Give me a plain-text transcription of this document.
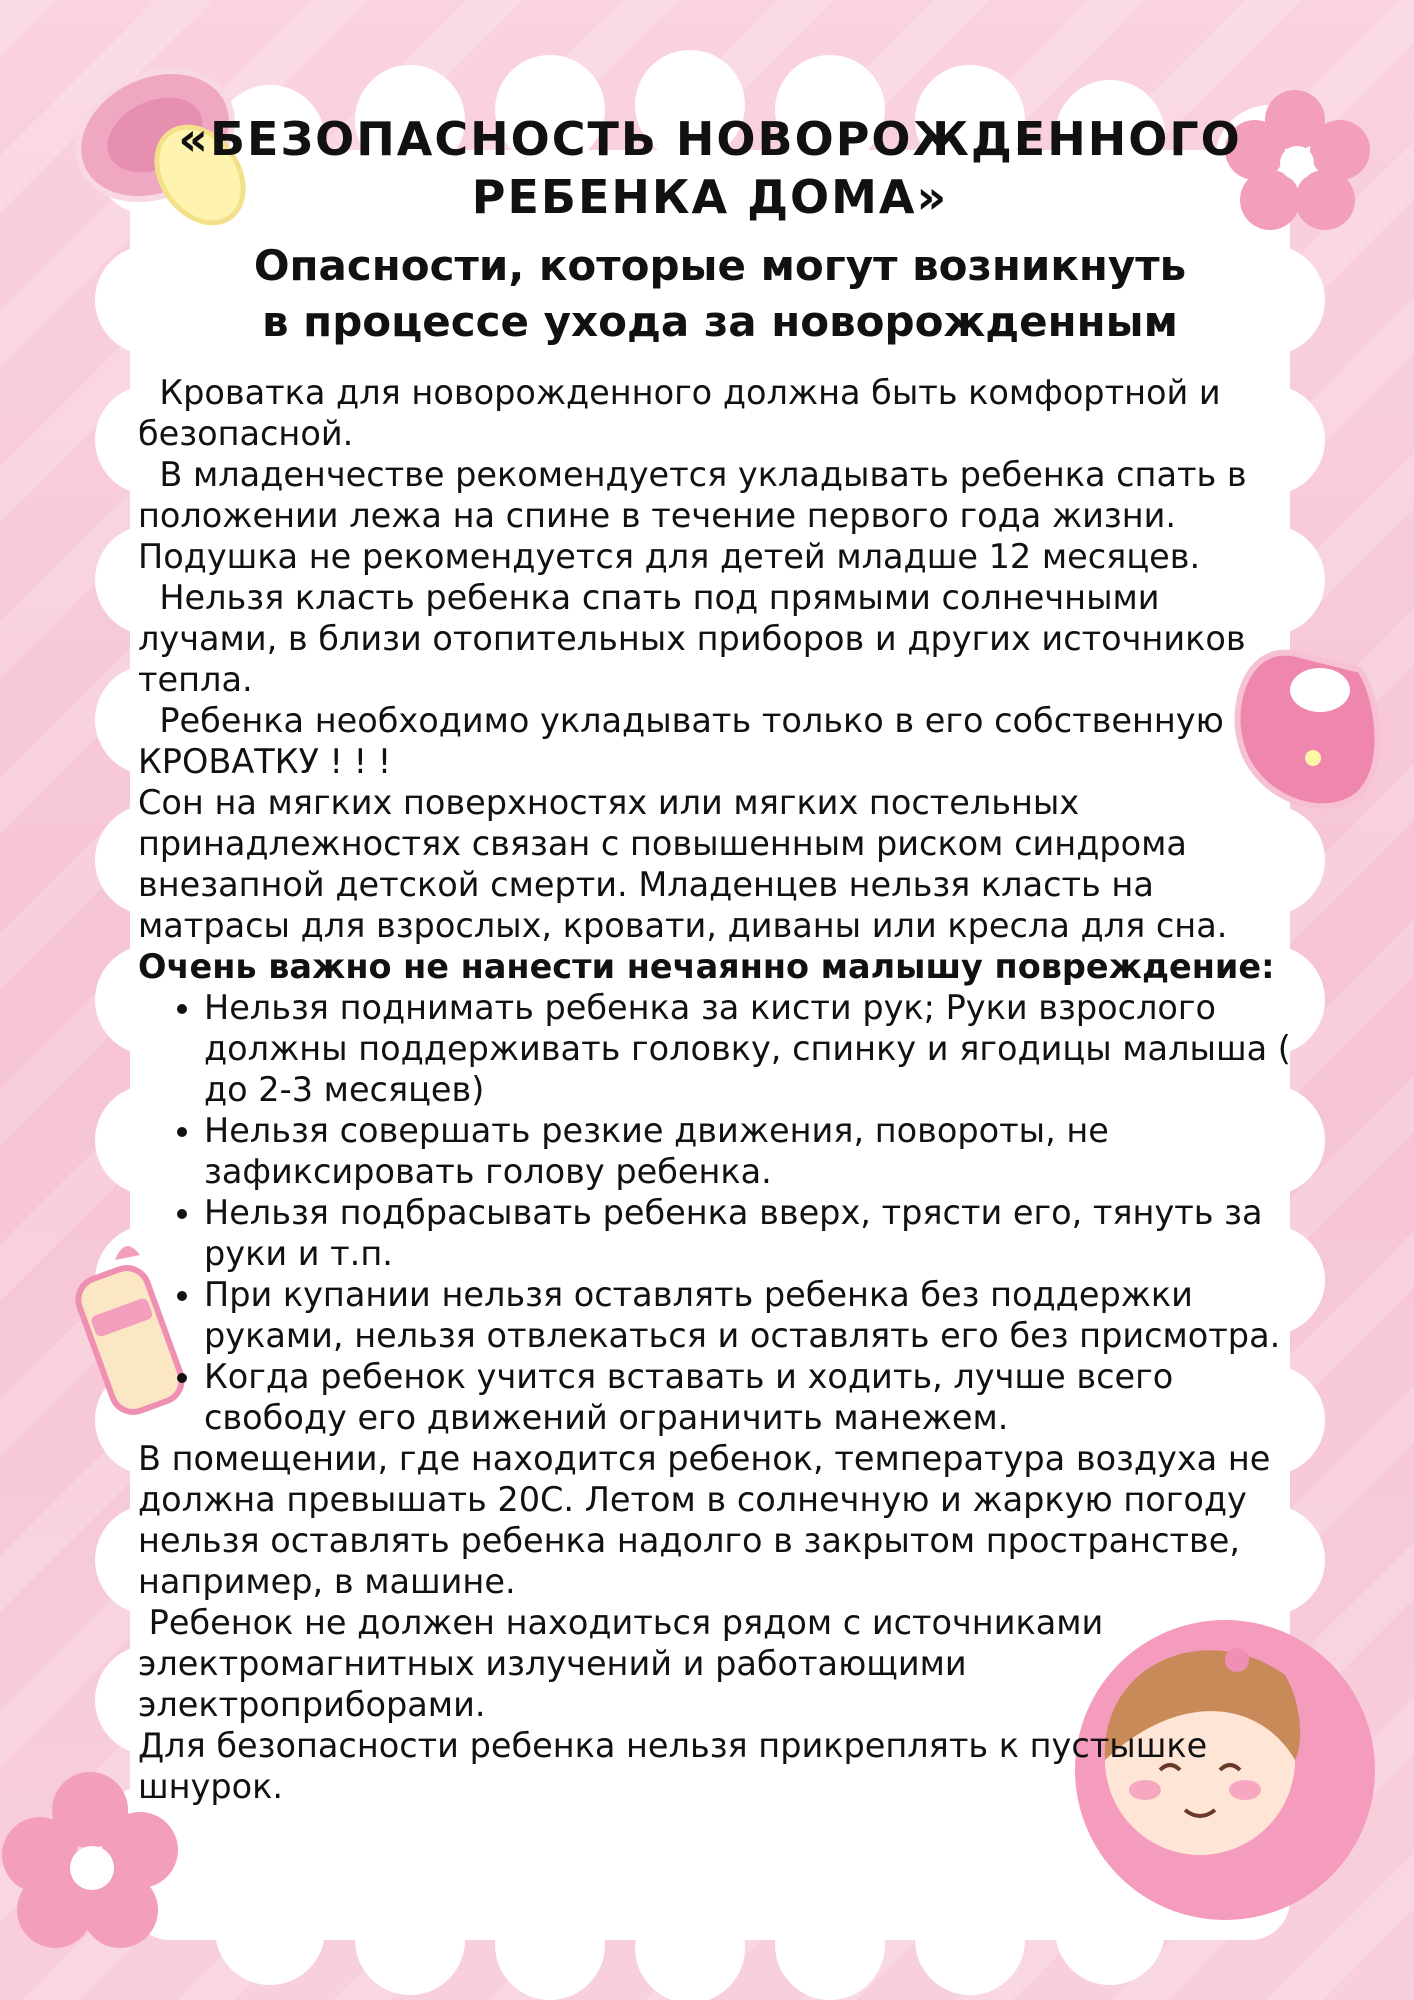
«БЕЗОПАСНОСТЬ НОВОРОЖДЕННОГО РЕБЕНКА ДОМА»
Опасности, которые могут возникнуть
в процессе ухода за новорожденным

Кроватка для новорожденного должна быть комфортной и безопасной.

В младенчестве рекомендуется укладывать ребенка спать в положении лежа на спине в течение первого года жизни. Подушка не рекомендуется для детей младше 12 месяцев.

Нельзя класть ребенка спать под прямыми солнечными лучами, в близи отопительных приборов и других источников тепла.

Ребенка необходимо укладывать только в его собственную КРОВАТКУ ! ! !

Сон на мягких поверхностях или мягких постельных принадлежностях связан с повышенным риском синдрома внезапной детской смерти. Младенцев нельзя класть на матрасы для взрослых, кровати, диваны или кресла для сна.

Очень важно не нанести нечаянно малышу повреждение:

• Нельзя поднимать ребенка за кисти рук; Руки взрослого должны поддерживать головку, спинку и ягодицы малыша ( до 2-3 месяцев)
• Нельзя совершать резкие движения, повороты, не зафиксировать голову ребенка.
• Нельзя подбрасывать ребенка вверх, трясти его, тянуть за руки и т.п.
• При купании нельзя оставлять ребенка без поддержки руками, нельзя отвлекаться и оставлять его без присмотра.
• Когда ребенок учится вставать и ходить, лучше всего свободу его движений ограничить манежем.

В помещении, где находится ребенок, температура воздуха не должна превышать 20С. Летом в солнечную и жаркую погоду нельзя оставлять ребенка надолго в закрытом пространстве, например, в машине.

Ребенок не должен находиться рядом с источниками электромагнитных излучений и работающими электроприборами.

Для безопасности ребенка нельзя прикреплять к пустышке  шнурок.
